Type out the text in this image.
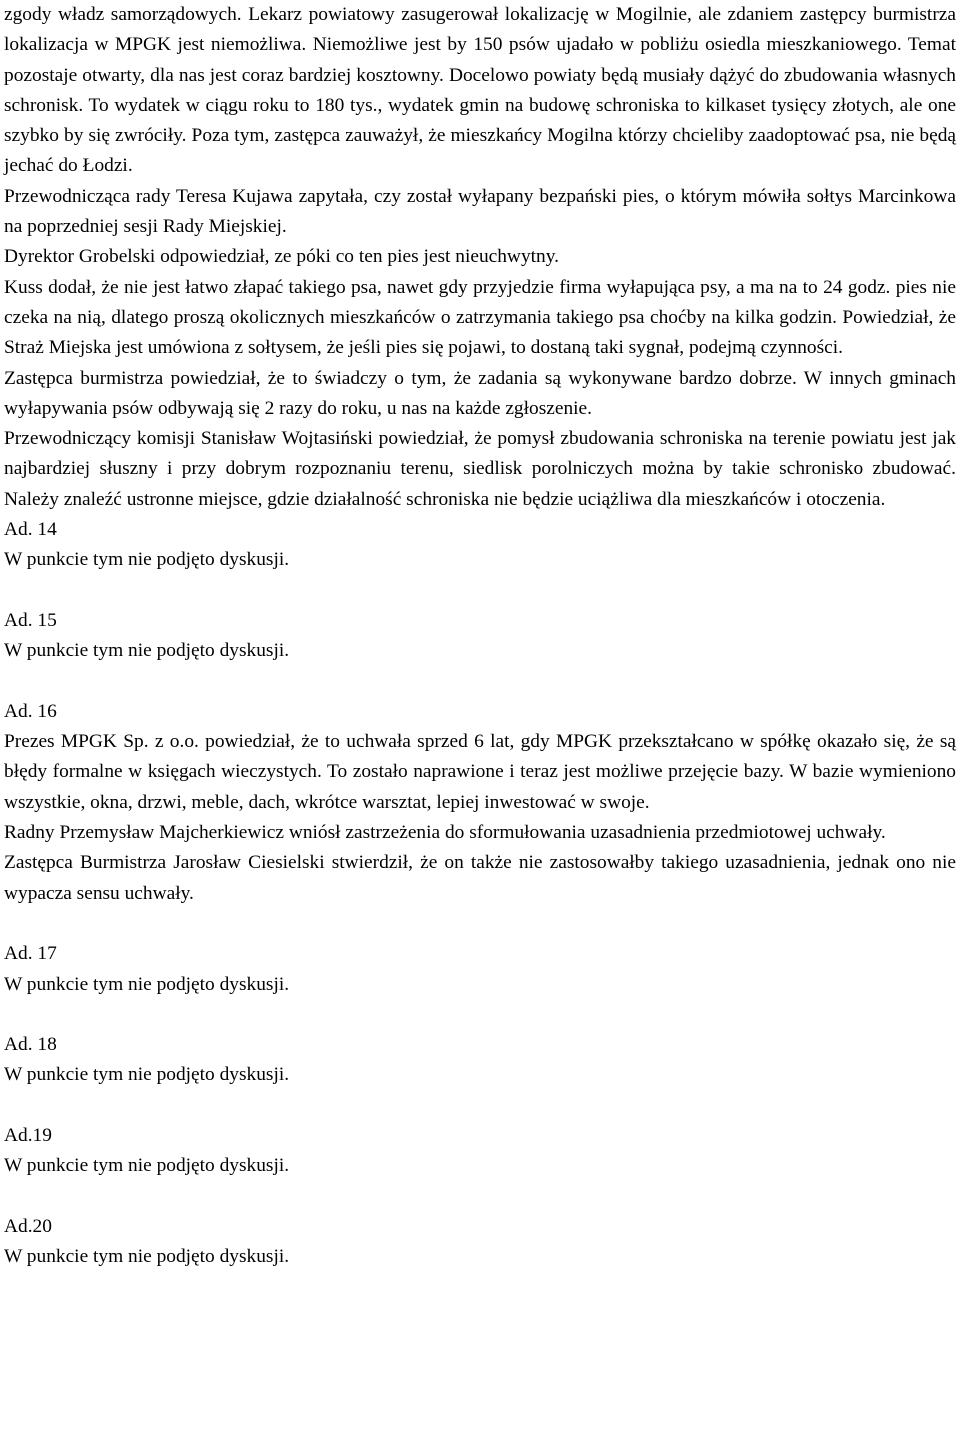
zgody władz samorządowych. Lekarz powiatowy zasugerował lokalizację w Mogilnie, ale zdaniem zastępcy burmistrza lokalizacja w MPGK jest niemożliwa. Niemożliwe jest by 150 psów ujadało w pobliżu osiedla mieszkaniowego. Temat pozostaje otwarty, dla nas jest coraz bardziej kosztowny. Docelowo powiaty będą musiały dążyć do zbudowania własnych schronisk. To wydatek w ciągu roku to 180 tys., wydatek gmin na budowę schroniska to kilkaset tysięcy złotych, ale one szybko by się zwróciły. Poza tym, zastępca zauważył, że mieszkańcy Mogilna którzy chcieliby zaadoptować psa, nie będą jechać do Łodzi.

Przewodnicząca rady Teresa Kujawa zapytała, czy został wyłapany bezpański pies, o którym mówiła sołtys Marcinkowa na poprzedniej sesji Rady Miejskiej.

Dyrektor Grobelski odpowiedział, ze póki co ten pies jest nieuchwytny.

Kuss dodał, że nie jest łatwo złapać takiego psa, nawet gdy przyjedzie firma wyłapująca psy, a ma na to 24 godz. pies nie czeka na nią, dlatego proszą okolicznych mieszkańców o zatrzymania takiego psa choćby na kilka godzin. Powiedział, że Straż Miejska jest umówiona z sołtysem, że jeśli pies się pojawi, to dostaną taki sygnał, podejmą czynności.

Zastępca burmistrza powiedział, że to świadczy o tym, że zadania są wykonywane bardzo dobrze. W innych gminach wyłapywania psów odbywają się 2 razy do roku, u nas na każde zgłoszenie.

Przewodniczący komisji Stanisław Wojtasiński powiedział, że pomysł zbudowania schroniska na terenie powiatu jest jak najbardziej słuszny i przy dobrym rozpoznaniu terenu, siedlisk porolniczych można by takie schronisko zbudować. Należy znaleźć ustronne miejsce, gdzie działalność schroniska nie będzie uciążliwa dla mieszkańców i otoczenia.

Ad. 14

W punkcie tym nie podjęto dyskusji.

Ad. 15

W punkcie tym nie podjęto dyskusji.

Ad. 16

Prezes MPGK Sp. z o.o. powiedział, że to uchwała sprzed 6 lat, gdy MPGK przekształcano w spółkę okazało się, że są błędy formalne w księgach wieczystych. To zostało naprawione i teraz jest możliwe przejęcie bazy. W bazie wymieniono wszystkie, okna, drzwi, meble, dach, wkrótce warsztat, lepiej inwestować w swoje.

Radny Przemysław Majcherkiewicz wniósł zastrzeżenia do sformułowania uzasadnienia przedmiotowej uchwały.

Zastępca Burmistrza Jarosław Ciesielski stwierdził, że on także nie zastosowałby takiego uzasadnienia, jednak ono nie wypacza sensu uchwały.

Ad. 17

W punkcie tym nie podjęto dyskusji.

Ad. 18

W punkcie tym nie podjęto dyskusji.

Ad.19

W punkcie tym nie podjęto dyskusji.

Ad.20

W punkcie tym nie podjęto dyskusji.
